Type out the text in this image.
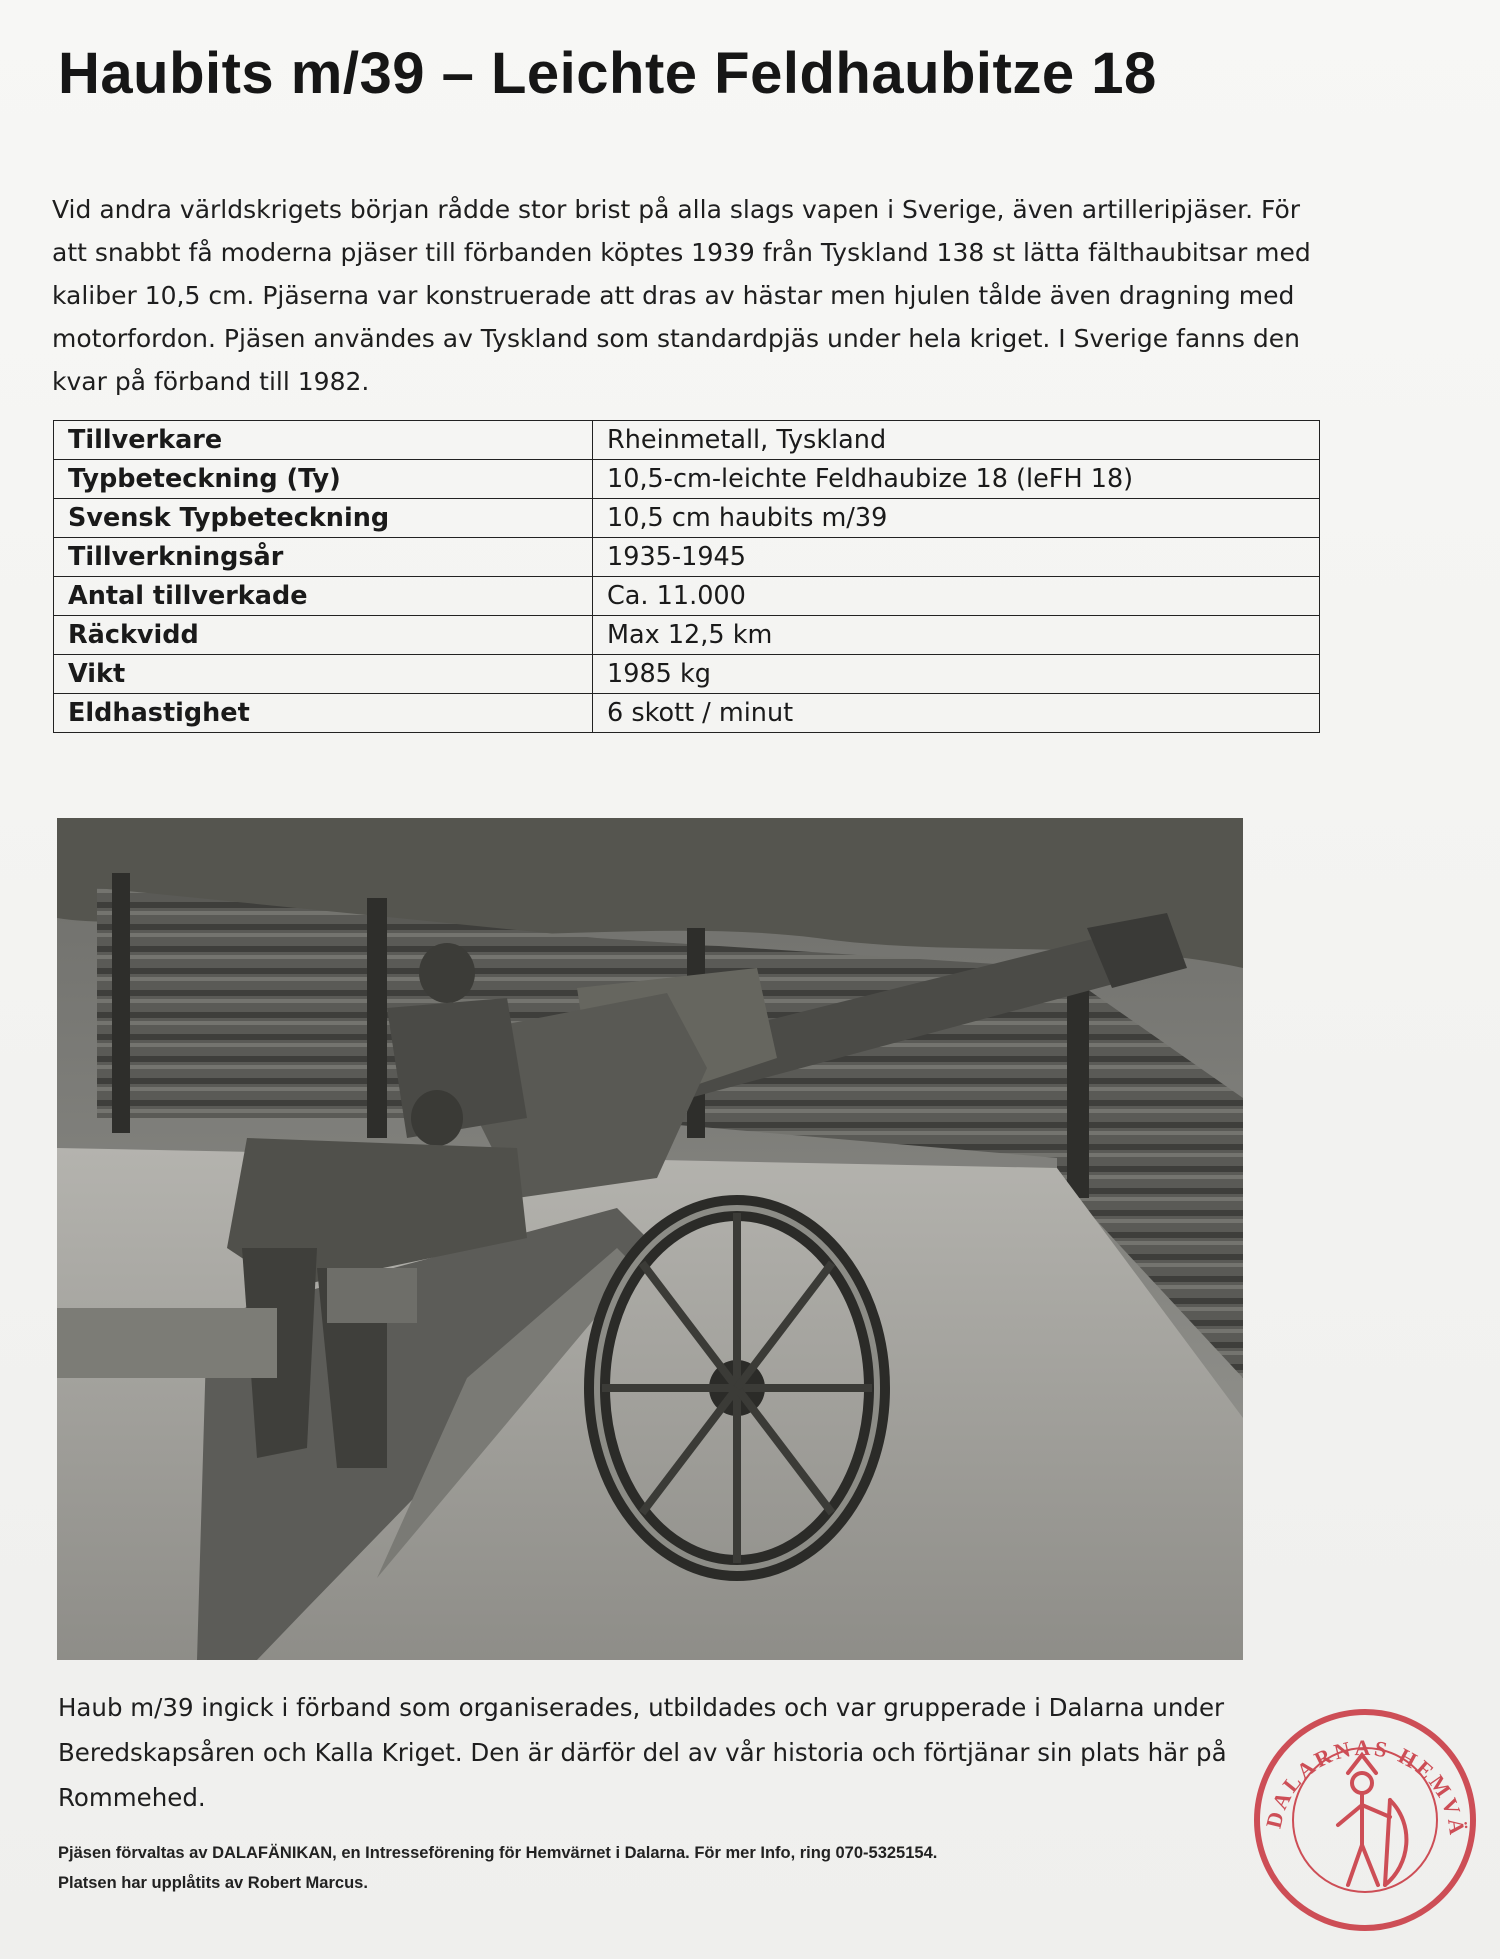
Haubits m/39 – Leichte Feldhaubitze 18

Vid andra världskrigets början rådde stor brist på alla slags vapen i Sverige, även artilleripjäser. För att snabbt få moderna pjäser till förbanden köptes 1939 från Tyskland 138 st lätta fälthaubitsar med kaliber 10,5 cm. Pjäserna var konstruerade att dras av hästar men hjulen tålde även dragning med motorfordon. Pjäsen användes av Tyskland som standardpjäs under hela kriget. I Sverige fanns den kvar på förband till 1982.

Tillverkare	Rheinmetall, Tyskland
Typbeteckning (Ty)	10,5-cm-leichte Feldhaubize 18 (leFH 18)
Svensk Typbeteckning	10,5 cm haubits m/39
Tillverkningsår	1935-1945
Antal tillverkade	Ca. 11.000
Räckvidd	Max 12,5 km
Vikt	1985 kg
Eldhastighet	6 skott / minut

Haub m/39 ingick i förband som organiserades, utbildades och var grupperade i Dalarna under Beredskapsåren och Kalla Kriget. Den är därför del av vår historia och förtjänar sin plats här på Rommehed.

Pjäsen förvaltas av DALAFÄNIKAN, en Intresseförening för Hemvärnet i Dalarna. För mer Info, ring 070-5325154.
Platsen har upplåtits av Robert Marcus.
DALARNAS HEMVÄ
